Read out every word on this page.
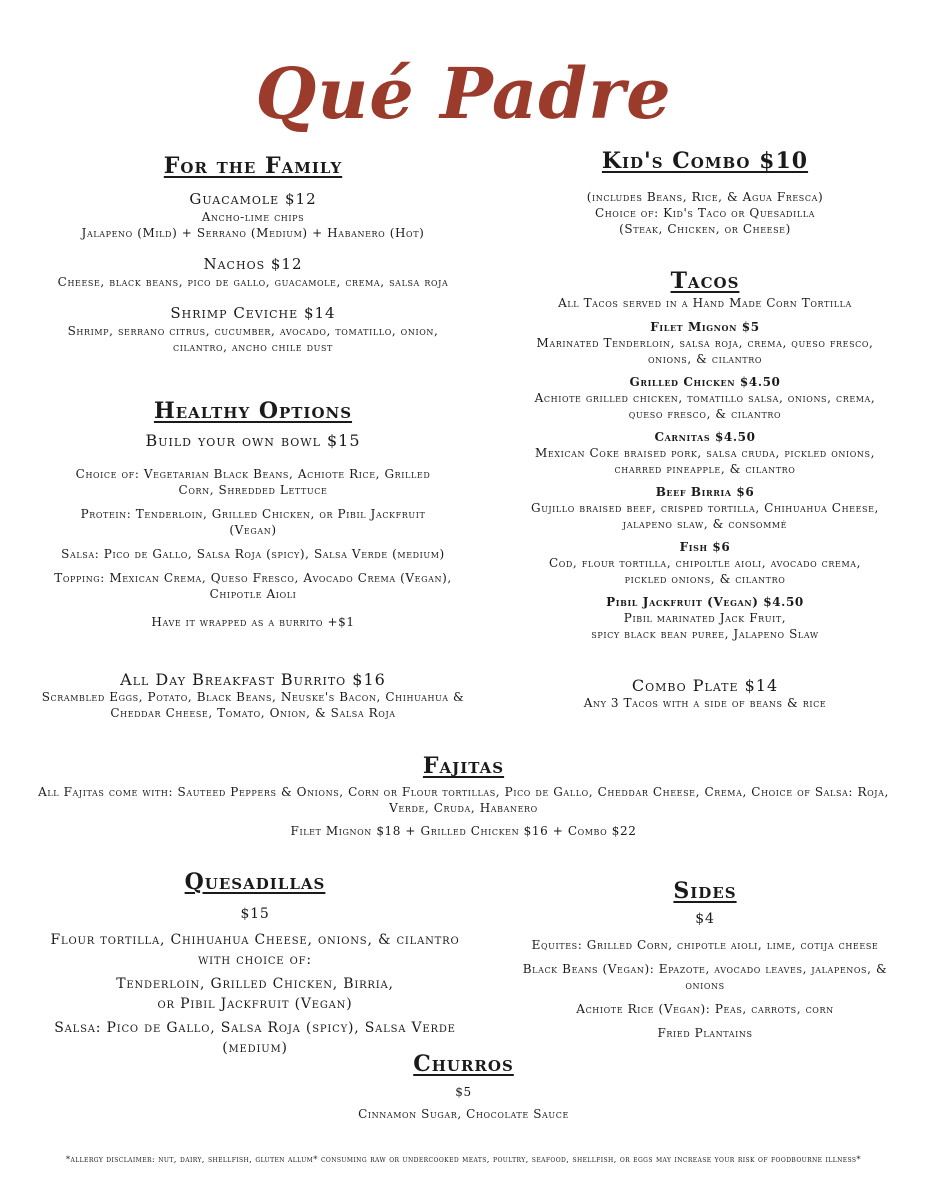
Qué Padre
For the Family

Guacamole $12

Ancho-lime chips

Jalapeno (Mild) + Serrano (Medium) + Habanero (Hot)

Nachos $12

Cheese, black beans, pico de gallo, guacamole, crema, salsa roja

Shrimp Ceviche $14

Shrimp, serrano citrus, cucumber, avocado, tomatillo, onion, cilantro, ancho chile dust

Healthy Options

Build your own bowl $15

Choice of: Vegetarian Black Beans, Achiote Rice, Grilled Corn, Shredded Lettuce

Protein: Tenderloin, Grilled Chicken, or Pibil Jackfruit (Vegan)

Salsa: Pico de Gallo, Salsa Roja (spicy), Salsa Verde (medium)

Topping: Mexican Crema, Queso Fresco, Avocado Crema (Vegan), Chipotle Aioli

Have it wrapped as a burrito +$1

All Day Breakfast Burrito $16

Scrambled Eggs, Potato, Black Beans, Neuske's Bacon, Chihuahua & Cheddar Cheese, Tomato, Onion, & Salsa Roja

Kid's Combo $10

(includes Beans, Rice, & Agua Fresca)

Choice of: Kid's Taco or Quesadilla

(Steak, Chicken, or Cheese)

Tacos

All Tacos served in a Hand Made Corn Tortilla

Filet Mignon $5

Marinated Tenderloin, salsa roja, crema, queso fresco, onions, & cilantro

Grilled Chicken $4.50

Achiote grilled chicken, tomatillo salsa, onions, crema, queso fresco, & cilantro

Carnitas $4.50

Mexican Coke braised pork, salsa cruda, pickled onions, charred pineapple, & cilantro

Beef Birria $6

Gujillo braised beef, crisped tortilla, Chihuahua Cheese, jalapeno slaw, & consommé

Fish $6

Cod, flour tortilla, chipoltle aioli, avocado crema, pickled onions, & cilantro

Pibil Jackfruit (Vegan) $4.50

Pibil marinated Jack Fruit,

spicy black bean puree, Jalapeno Slaw

Combo Plate $14

Any 3 Tacos with a side of beans & rice

Fajitas

All Fajitas come with: Sauteed Peppers & Onions, Corn or Flour tortillas, Pico de Gallo, Cheddar Cheese, Crema, Choice of Salsa: Roja, Verde, Cruda, Habanero

Filet Mignon $18 + Grilled Chicken $16 + Combo $22

Quesadillas

$15

Flour tortilla, Chihuahua Cheese, onions, & cilantro with choice of:

Tenderloin, Grilled Chicken, Birria,

or Pibil Jackfruit (Vegan)

Salsa: Pico de Gallo, Salsa Roja (spicy), Salsa Verde (medium)

Sides

$4

Equites: Grilled Corn, chipotle aioli, lime, cotija cheese

Black Beans (Vegan): Epazote, avocado leaves, jalapenos, & onions

Achiote Rice (Vegan): Peas, carrots, corn

Fried Plantains

Churros

$5

Cinnamon Sugar, Chocolate Sauce

*allergy disclaimer: nut, dairy, shellfish, gluten allum* consuming raw or undercooked meats, poultry, seafood, shellfish, or eggs may increase your risk of foodbourne illness*
